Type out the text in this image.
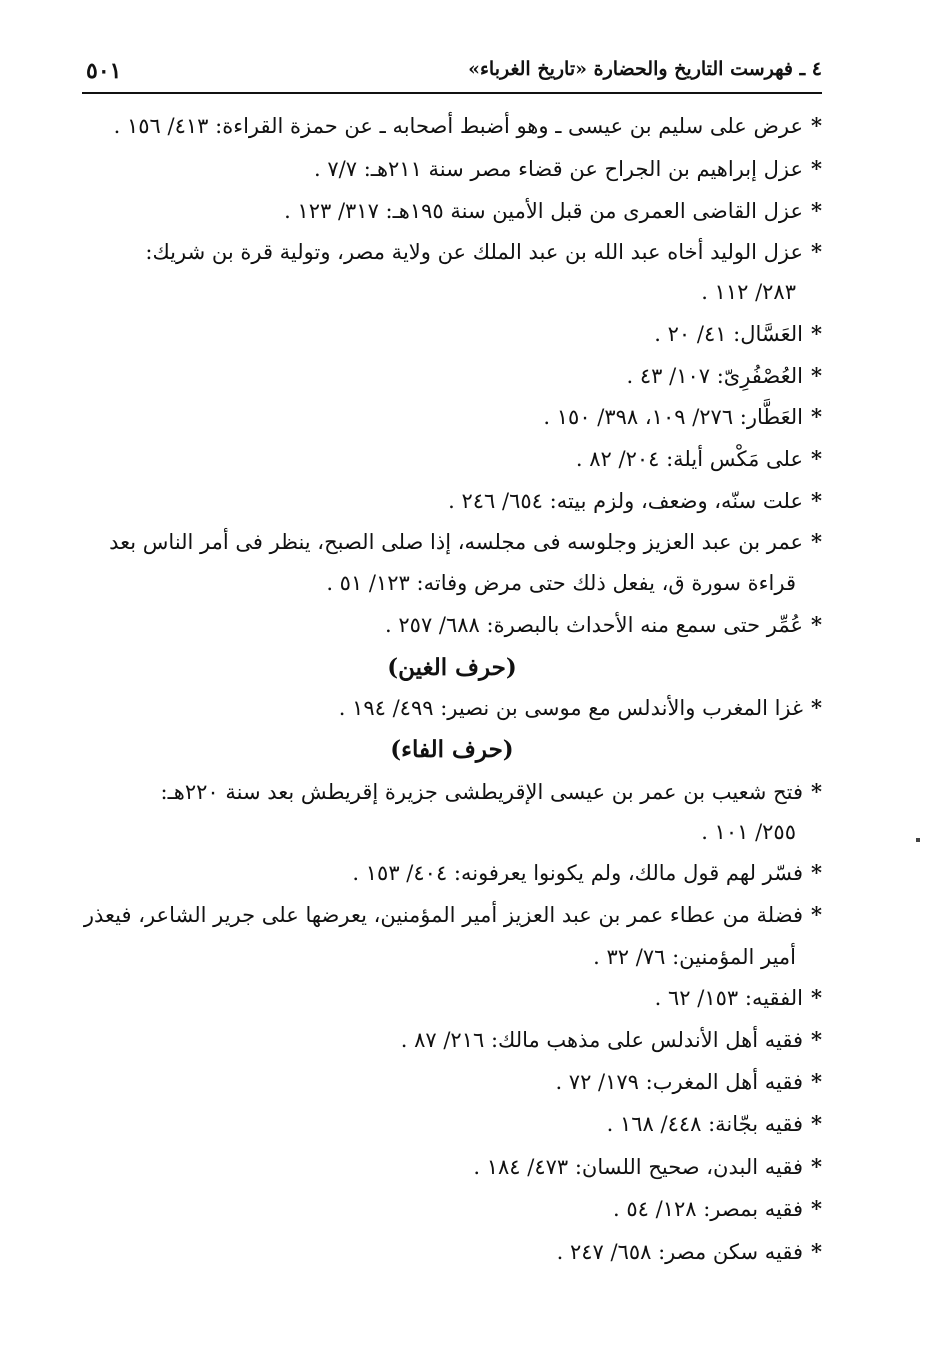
٥٠١	٤ ـ فهرست التاريخ والحضارة «تاريخ الغرباء»
*عرض على سليم بن عيسى ـ وهو أضبط أصحابه ـ عن حمزة القراءة: ٤١٣/ ١٥٦ .
*عزل إبراهيم بن الجراح عن قضاء مصر سنة ٢١١هـ: ٧/٧ .
*عزل القاضى العمرى من قبل الأمين سنة ١٩٥هـ: ٣١٧/ ١٢٣ .
*عزل الوليد أخاه عبد الله بن عبد الملك عن ولاية مصر، وتولية قرة بن شريك:
٢٨٣/ ١١٢ .
*العَسَّال: ٤١/ ٢٠ .
*العُصْفُرِىّ: ١٠٧/ ٤٣ .
*العَطَّار: ٢٧٦/ ١٠٩، ٣٩٨/ ١٥٠ .
*على مَكْس أيلة: ٢٠٤/ ٨٢ .
*علت سنّه، وضعف، ولزم بيته: ٦٥٤/ ٢٤٦ .
*عمر بن عبد العزيز وجلوسه فى مجلسه، إذا صلى الصبح، ينظر فى أمر الناس بعد
قراءة سورة ق، يفعل ذلك حتى مرض وفاته: ١٢٣/ ٥١ .
*عُمِّر حتى سمع منه الأحداث بالبصرة: ٦٨٨/ ٢٥٧ .
(حرف الغين)
*غزا المغرب والأندلس مع موسى بن نصير: ٤٩٩/ ١٩٤ .
(حرف الفاء)
*فتح شعيب بن عمر بن عيسى الإقريطشى جزيرة إقريطش بعد سنة ٢٢٠هـ:
٢٥٥/ ١٠١ .
*فسّر لهم قول مالك، ولم يكونوا يعرفونه: ٤٠٤/ ١٥٣ .
*فضلة من عطاء عمر بن عبد العزيز أمير المؤمنين، يعرضها على جرير الشاعر، فيعذر
أمير المؤمنين: ٧٦/ ٣٢ .
*الفقيه: ١٥٣/ ٦٢ .
*فقيه أهل الأندلس على مذهب مالك: ٢١٦/ ٨٧ .
*فقيه أهل المغرب: ١٧٩/ ٧٢ .
*فقيه بجّانة: ٤٤٨/ ١٦٨ .
*فقيه البدن، صحيح اللسان: ٤٧٣/ ١٨٤ .
*فقيه بمصر: ١٢٨/ ٥٤ .
*فقيه سكن مصر: ٦٥٨/ ٢٤٧ .
